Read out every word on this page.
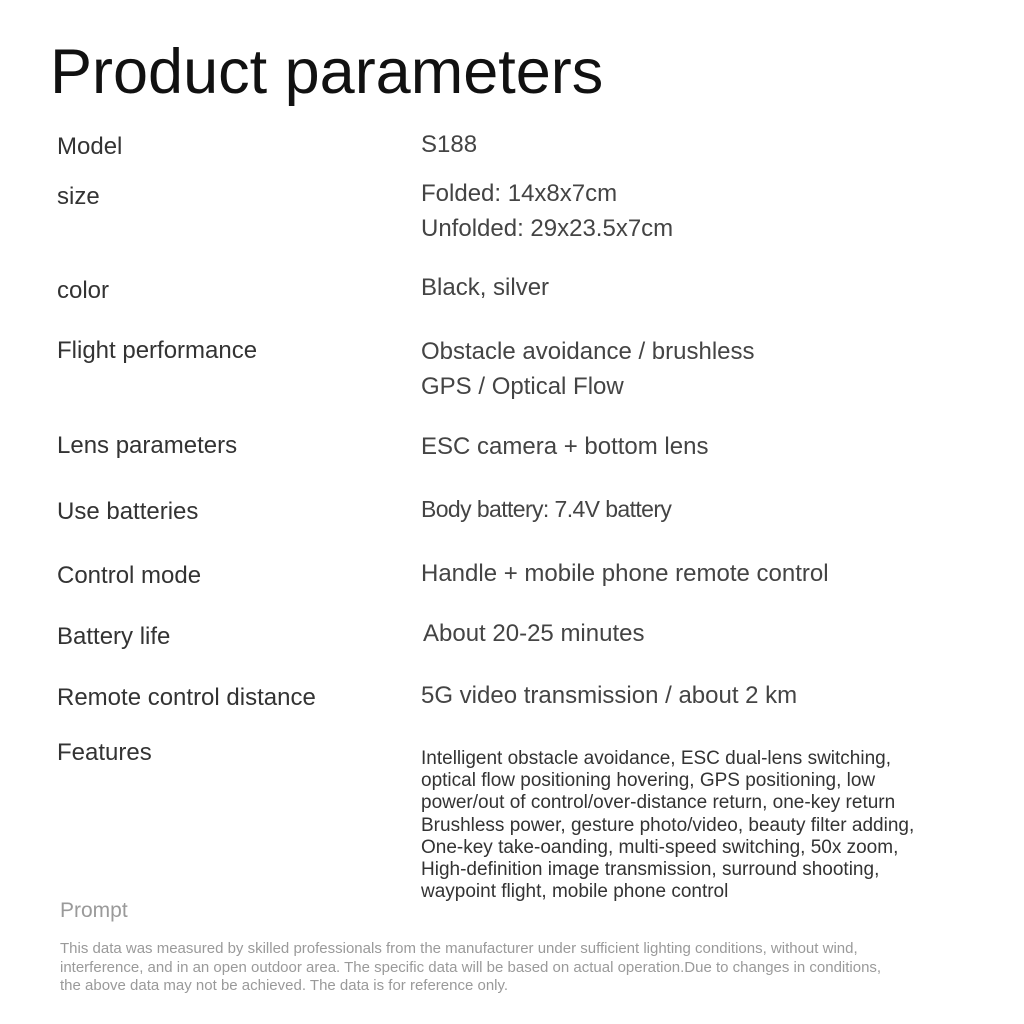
Product parameters
Model	S188
size	Folded: 14x8x7cm
Unfolded: 29x23.5x7cm
color	Black, silver
Flight performance	Obstacle avoidance / brushless
GPS / Optical Flow
Lens parameters	ESC camera + bottom lens
Use batteries	Body battery: 7.4V battery
Control mode	Handle + mobile phone remote control
Battery life	About 20-25 minutes
Remote control distance	5G video transmission / about 2 km
Features	Intelligent obstacle avoidance, ESC dual-lens switching,
optical flow positioning hovering, GPS positioning, low
power/out of control/over-distance return, one-key return
Brushless power, gesture photo/video, beauty filter adding,
One-key take-oanding, multi-speed switching, 50x zoom,
High-definition image transmission, surround shooting,
waypoint flight, mobile phone control
Prompt
This data was measured by skilled professionals from the manufacturer under sufficient lighting conditions, without wind,
interference, and in an open outdoor area. The specific data will be based on actual operation.Due to changes in conditions,
the above data may not be achieved. The data is for reference only.
